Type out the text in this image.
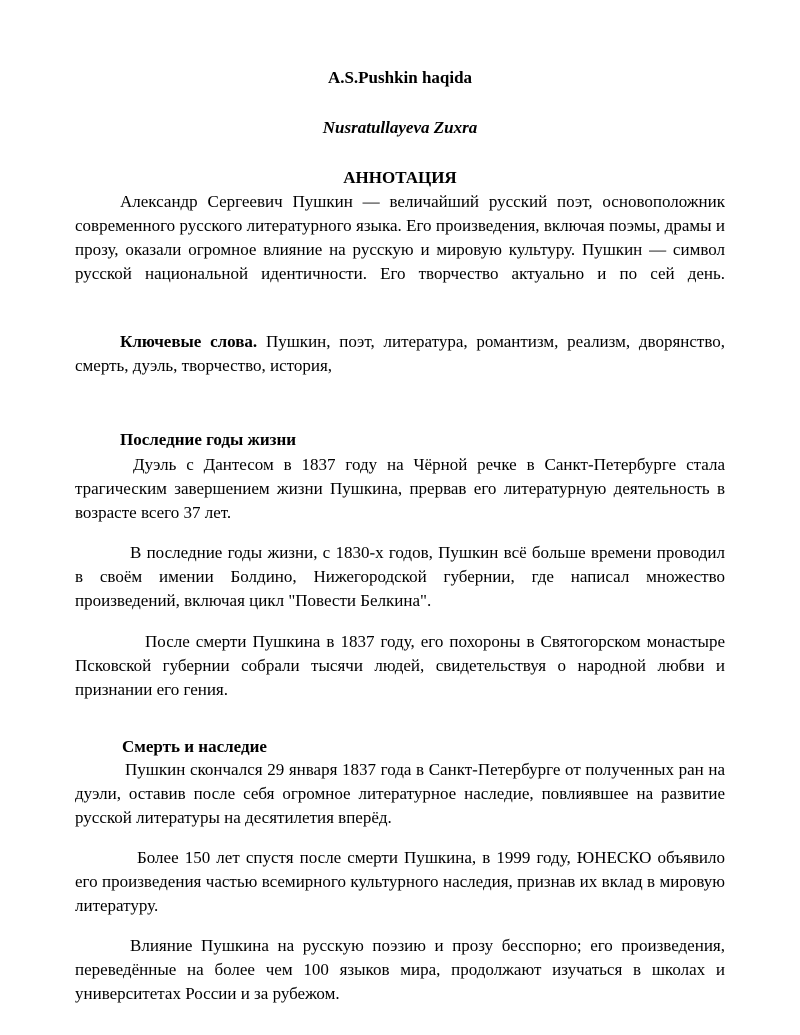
A.S.Pushkin haqida

Nusratullayeva Zuxra

АННОТАЦИЯ

Александр Сергеевич Пушкин — величайший русский поэт, основоположник современного русского литературного языка. Его произведения, включая поэмы, драмы и прозу, оказали огромное влияние на русскую и мировую культуру. Пушкин — символ русской национальной идентичности. Его творчество актуально и по сей день.

Ключевые слова. Пушкин, поэт, литература, романтизм, реализм, дворянство, смерть, дуэль, творчество, история,

Последние годы жизни

Дуэль с Дантесом в 1837 году на Чёрной речке в Санкт-Петербурге стала трагическим завершением жизни Пушкина, прервав его литературную деятельность в возрасте всего 37 лет.

В последние годы жизни, с 1830-х годов, Пушкин всё больше времени проводил в своём имении Болдино, Нижегородской губернии, где написал множество произведений, включая цикл "Повести Белкина".

После смерти Пушкина в 1837 году, его похороны в Святогорском монастыре Псковской губернии собрали тысячи людей, свидетельствуя о народной любви и признании его гения.

Смерть и наследие

Пушкин скончался 29 января 1837 года в Санкт-Петербурге от полученных ран на дуэли, оставив после себя огромное литературное наследие, повлиявшее на развитие русской литературы на десятилетия вперёд.

Более 150 лет спустя после смерти Пушкина, в 1999 году, ЮНЕСКО объявило его произведения частью всемирного культурного наследия, признав их вклад в мировую литературу.

Влияние Пушкина на русскую поэзию и прозу бесспорно; его произведения, переведённые на более чем 100 языков мира, продолжают изучаться в школах и университетах России и за рубежом.
